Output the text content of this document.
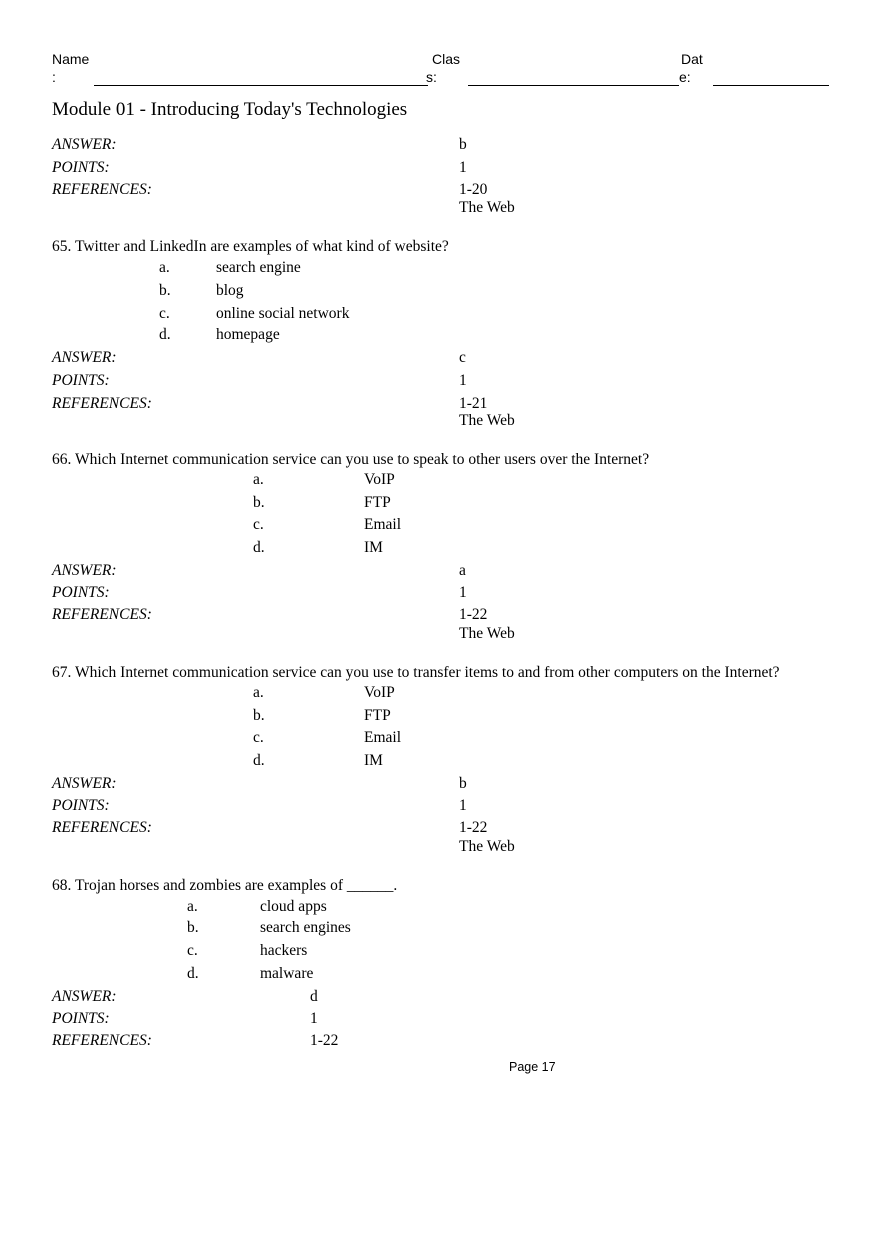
Name
:
Clas
s:
Dat
e:
Module 01 - Introducing Today's Technologies
ANSWER:	b
POINTS:	1
REFERENCES:	1-20
The Web
65. Twitter and LinkedIn are examples of what kind of website?
a.	search engine
b.	blog
c.	online social network
d.	homepage
ANSWER:	c
POINTS:	1
REFERENCES:	1-21
The Web
66. Which Internet communication service can you use to speak to other users over the Internet?
a.	VoIP
b.	FTP
c.	Email
d.	IM
ANSWER:	a
POINTS:	1
REFERENCES:	1-22
The Web
67. Which Internet communication service can you use to transfer items to and from other computers on the Internet?
a.	VoIP
b.	FTP
c.	Email
d.	IM
ANSWER:	b
POINTS:	1
REFERENCES:	1-22
The Web
68. Trojan horses and zombies are examples of ______.
a.	cloud apps
b.	search engines
c.	hackers
d.	malware
ANSWER:	d
POINTS:	1
REFERENCES:	1-22
Page 17
